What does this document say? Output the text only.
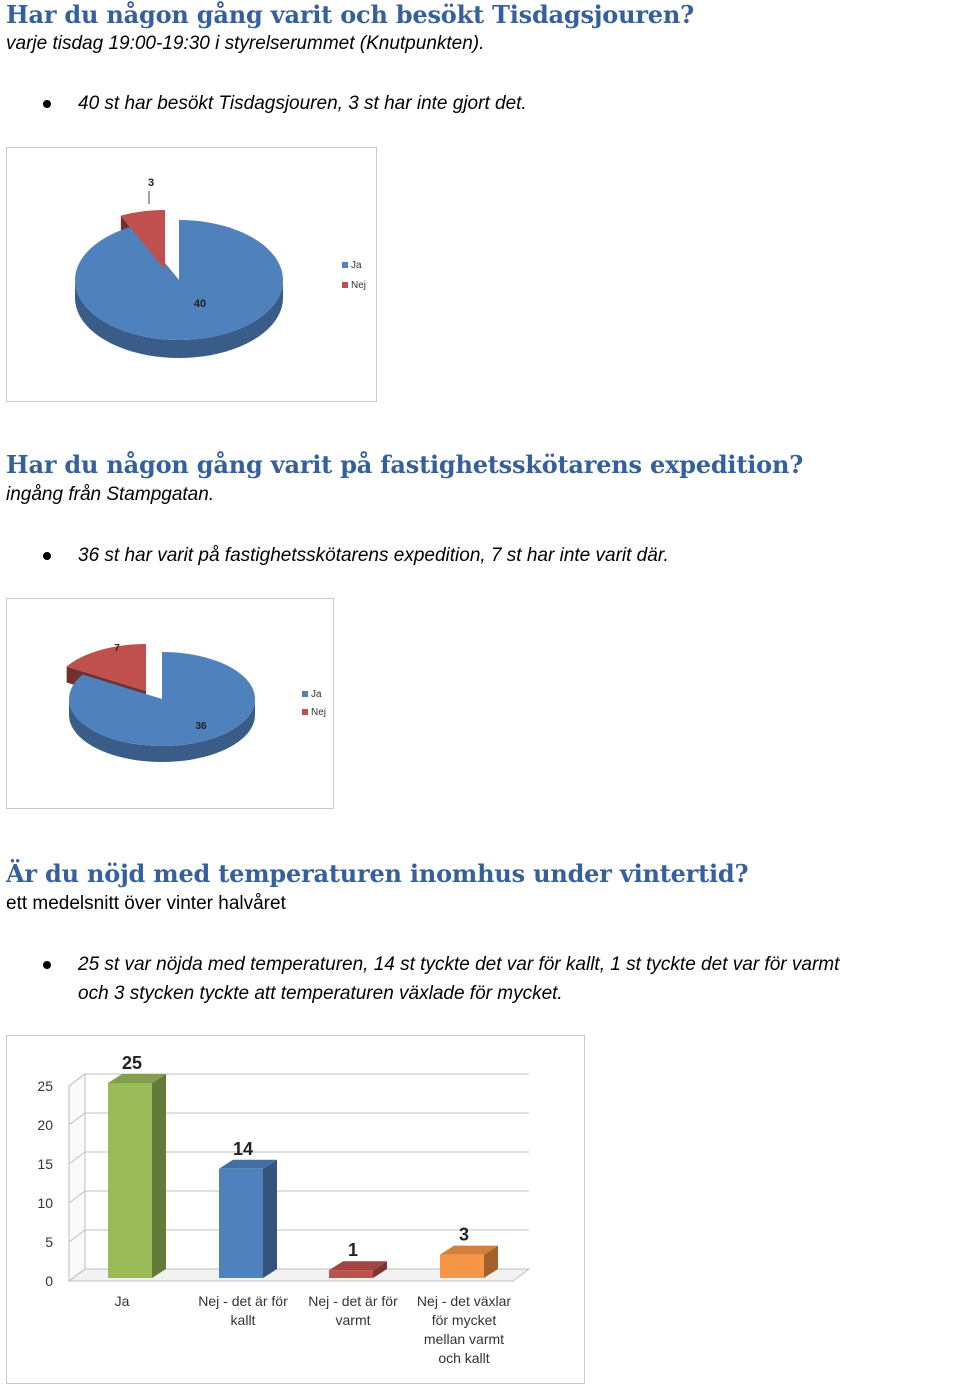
Har du någon gång varit och besökt Tisdagsjouren?
varje tisdag 19:00-19:30 i styrelserummet (Knutpunkten).
40 st har besökt Tisdagsjouren, 3 st har inte gjort det.
40
3
Ja
Nej
Har du någon gång varit på fastighetsskötarens expedition?
ingång från Stampgatan.
36 st har varit på fastighetsskötarens expedition, 7 st har inte varit där.
36
7
Ja
Nej
Är du nöjd med temperaturen inomhus under vintertid?
ett medelsnitt över vinter halvåret
25 st var nöjda med temperaturen, 14 st tyckte det var för kallt, 1 st tyckte det var för varmt
och 3 stycken tyckte att temperaturen växlade för mycket.
0
5
10
15
20
25
25
Ja
14
Nej - det är för
kallt
1
Nej - det är för
varmt
3
Nej - det växlar
för mycket
mellan varmt
och kallt
